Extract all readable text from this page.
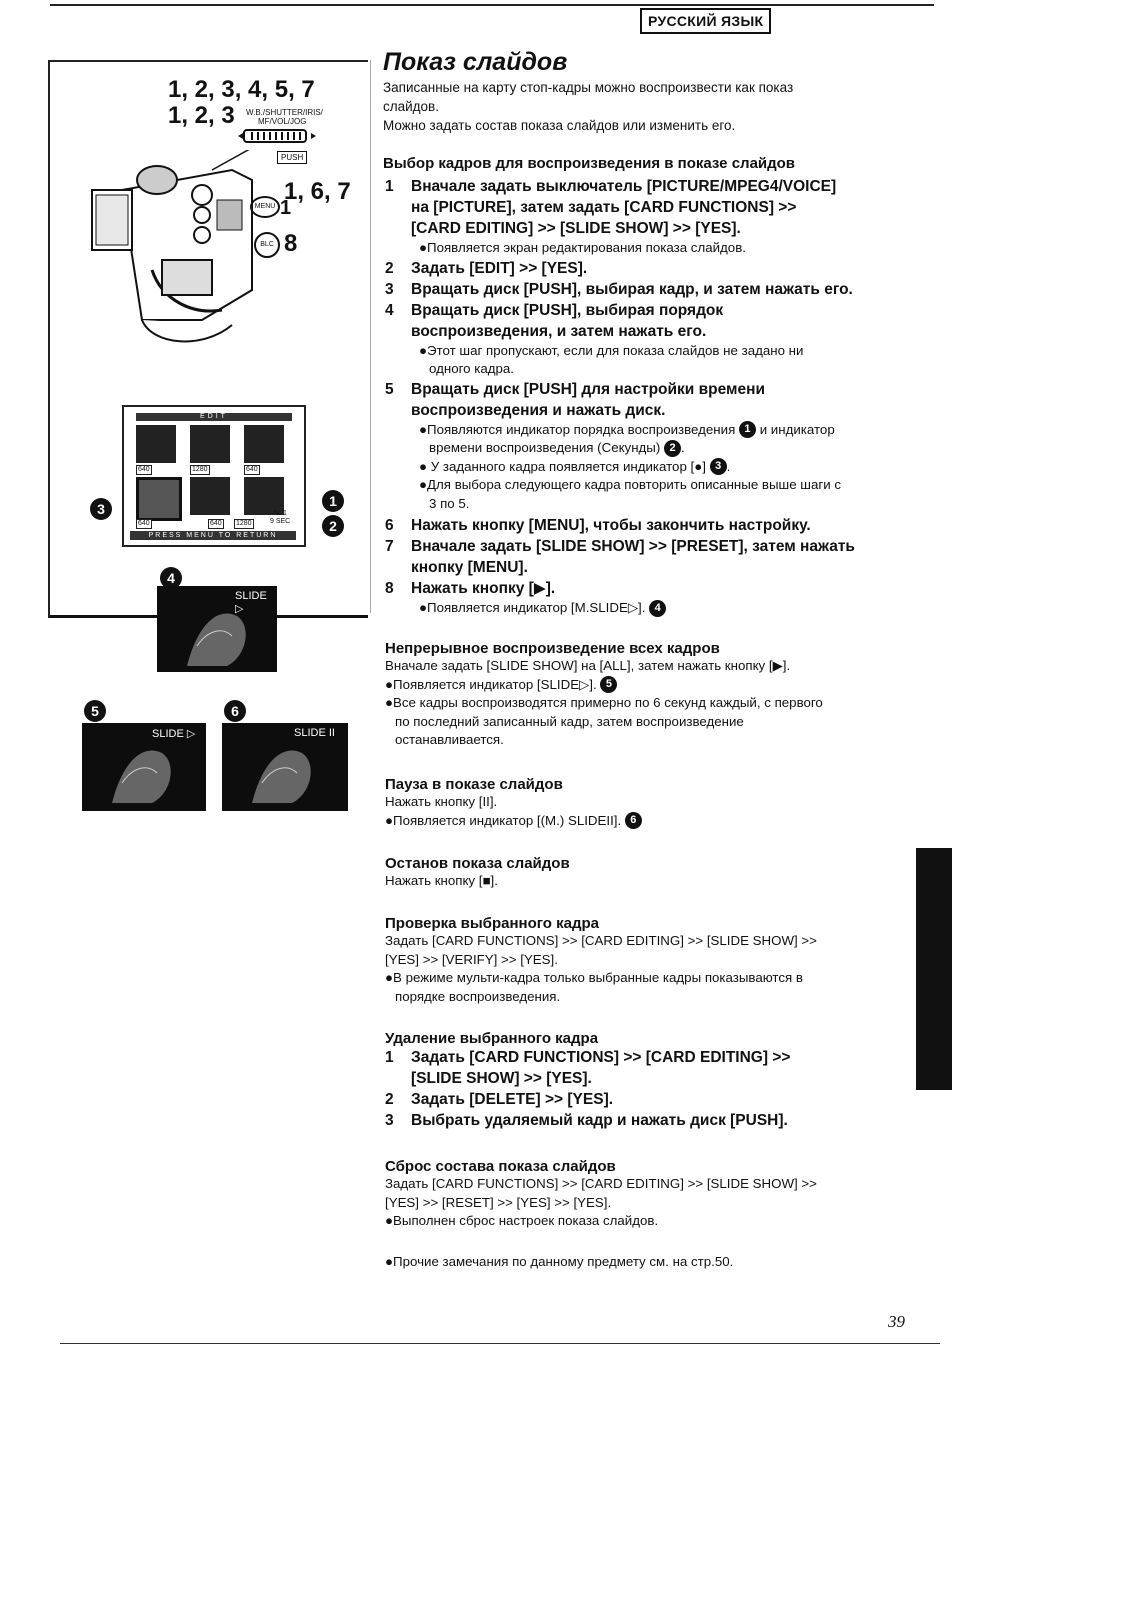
РУССКИЙ ЯЗЫК
1, 2, 3, 4, 5, 7
1, 2, 3 W.B./SHUTTER/IRIS/
MF/VOL/JOG
PUSH
1, 6, 7
MENU 1
BLC 8
EDIT
640	1280	640
640	640 1280
N: 1
9 SEC
PRESS MENU TO RETURN
3	1
2
4
SLIDE ▷
5	6
SLIDE ▷	SLIDE II
Показ слайдов
Записанные на карту стоп-кадры можно воспроизвести как показ
слайдов.
Можно задать состав показа слайдов или изменить его.
Выбор кадров для воспроизведения в показе слайдов
1 Вначале задать выключатель [PICTURE/MPEG4/VOICE]
на [PICTURE], затем задать [CARD FUNCTIONS] >>
[CARD EDITING] >> [SLIDE SHOW] >> [YES].
●Появляется экран редактирования показа слайдов.
2 Задать [EDIT] >> [YES].
3 Вращать диск [PUSH], выбирая кадр, и затем нажать его.
4 Вращать диск [PUSH], выбирая порядок
воспроизведения, и затем нажать его.
●Этот шаг пропускают, если для показа слайдов не задано ни
одного кадра.
5 Вращать диск [PUSH] для настройки времени
воспроизведения и нажать диск.
●Появляются индикатор порядка воспроизведения 1 и индикатор
времени воспроизведения (Секунды) 2 .
● У заданного кадра появляется индикатор [●] 3 .
●Для выбора следующего кадра повторить описанные выше шаги с
3 по 5.
6 Нажать кнопку [MENU], чтобы закончить настройку.
7 Вначале задать [SLIDE SHOW] >> [PRESET], затем нажать
кнопку [MENU].
8 Нажать кнопку [▶].
●Появляется индикатор [M.SLIDE▷]. 4
Непрерывное воспроизведение всех кадров
Вначале задать [SLIDE SHOW] на [ALL], затем нажать кнопку [▶].
●Появляется индикатор [SLIDE▷]. 5
●Все кадры воспроизводятся примерно по 6 секунд каждый, с первого
по последний записанный кадр, затем воспроизведение
останавливается.
Пауза в показе слайдов
Нажать кнопку [II].
●Появляется индикатор [(M.) SLIDEII]. 6
Останов показа слайдов
Нажать кнопку [■].
Проверка выбранного кадра
Задать [CARD FUNCTIONS] >> [CARD EDITING] >> [SLIDE SHOW] >>
[YES] >> [VERIFY] >> [YES].
●В режиме мульти-кадра только выбранные кадры показываются в
порядке воспроизведения.
Удаление выбранного кадра
1 Задать [CARD FUNCTIONS] >> [CARD EDITING] >>
[SLIDE SHOW] >> [YES].
2 Задать [DELETE] >> [YES].
3 Выбрать удаляемый кадр и нажать диск [PUSH].
Сброс состава показа слайдов
Задать [CARD FUNCTIONS] >> [CARD EDITING] >> [SLIDE SHOW] >>
[YES] >> [RESET] >> [YES] >> [YES].
●Выполнен сброс настроек показа слайдов.
●Прочие замечания по данному предмету см. на стр.50.
39
